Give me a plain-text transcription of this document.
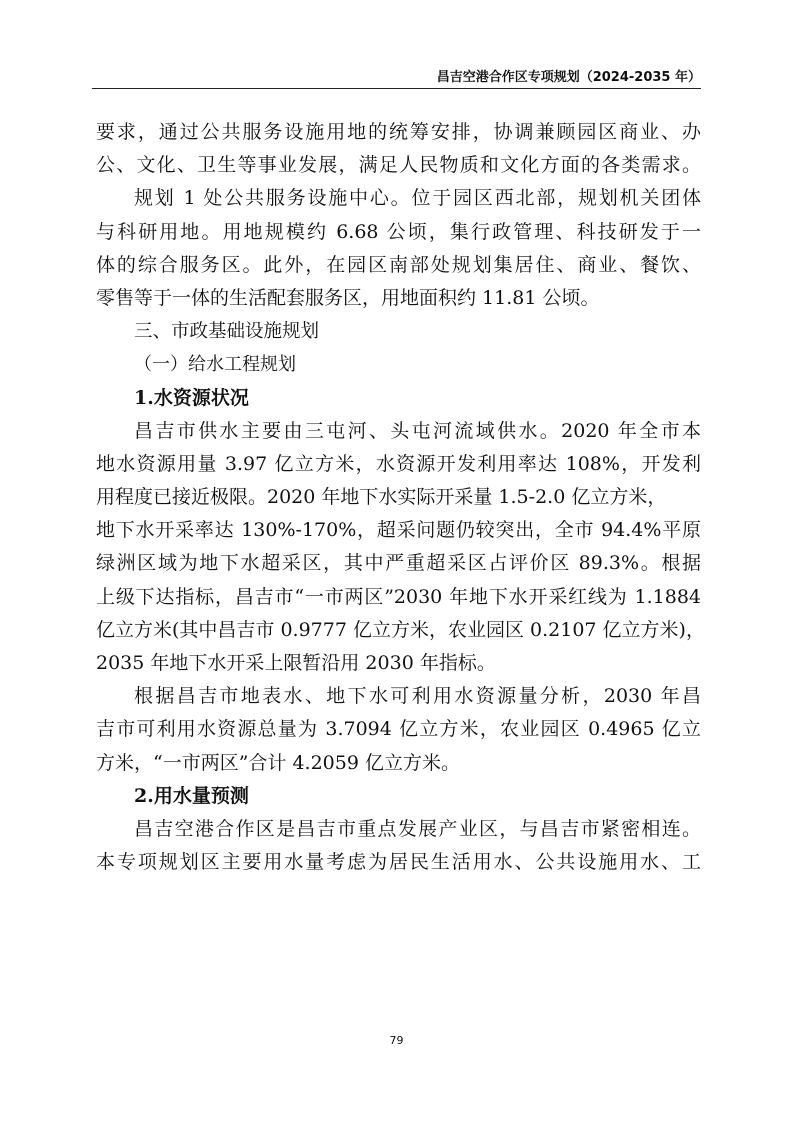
昌吉空港合作区专项规划（2024-2035 年）
要求，通过公共服务设施用地的统筹安排，协调兼顾园区商业、办
公、文化、卫生等事业发展，满足人民物质和文化方面的各类需求。
规划 1 处公共服务设施中心。位于园区西北部，规划机关团体
与科研用地。用地规模约 6.68 公顷，集行政管理、科技研发于一
体的综合服务区。此外，在园区南部处规划集居住、商业、餐饮、
零售等于一体的生活配套服务区，用地面积约 11.81 公顷。
三、市政基础设施规划
（一）给水工程规划
1.水资源状况
昌吉市供水主要由三屯河、头屯河流域供水。2020 年全市本
地水资源用量 3.97 亿立方米，水资源开发利用率达 108%，开发利
用程度已接近极限。2020 年地下水实际开采量 1.5-2.0 亿立方米，
地下水开采率达 130%-170%，超采问题仍较突出，全市 94.4%平原
绿洲区域为地下水超采区，其中严重超采区占评价区 89.3%。根据
上级下达指标，昌吉市“一市两区”2030 年地下水开采红线为 1.1884
亿立方米(其中昌吉市 0.9777 亿立方米，农业园区 0.2107 亿立方米)，
2035 年地下水开采上限暂沿用 2030 年指标。
根据昌吉市地表水、地下水可利用水资源量分析，2030 年昌
吉市可利用水资源总量为 3.7094 亿立方米，农业园区 0.4965 亿立
方米，“一市两区”合计 4.2059 亿立方米。
2.用水量预测
昌吉空港合作区是昌吉市重点发展产业区，与昌吉市紧密相连。
本专项规划区主要用水量考虑为居民生活用水、公共设施用水、工
79
